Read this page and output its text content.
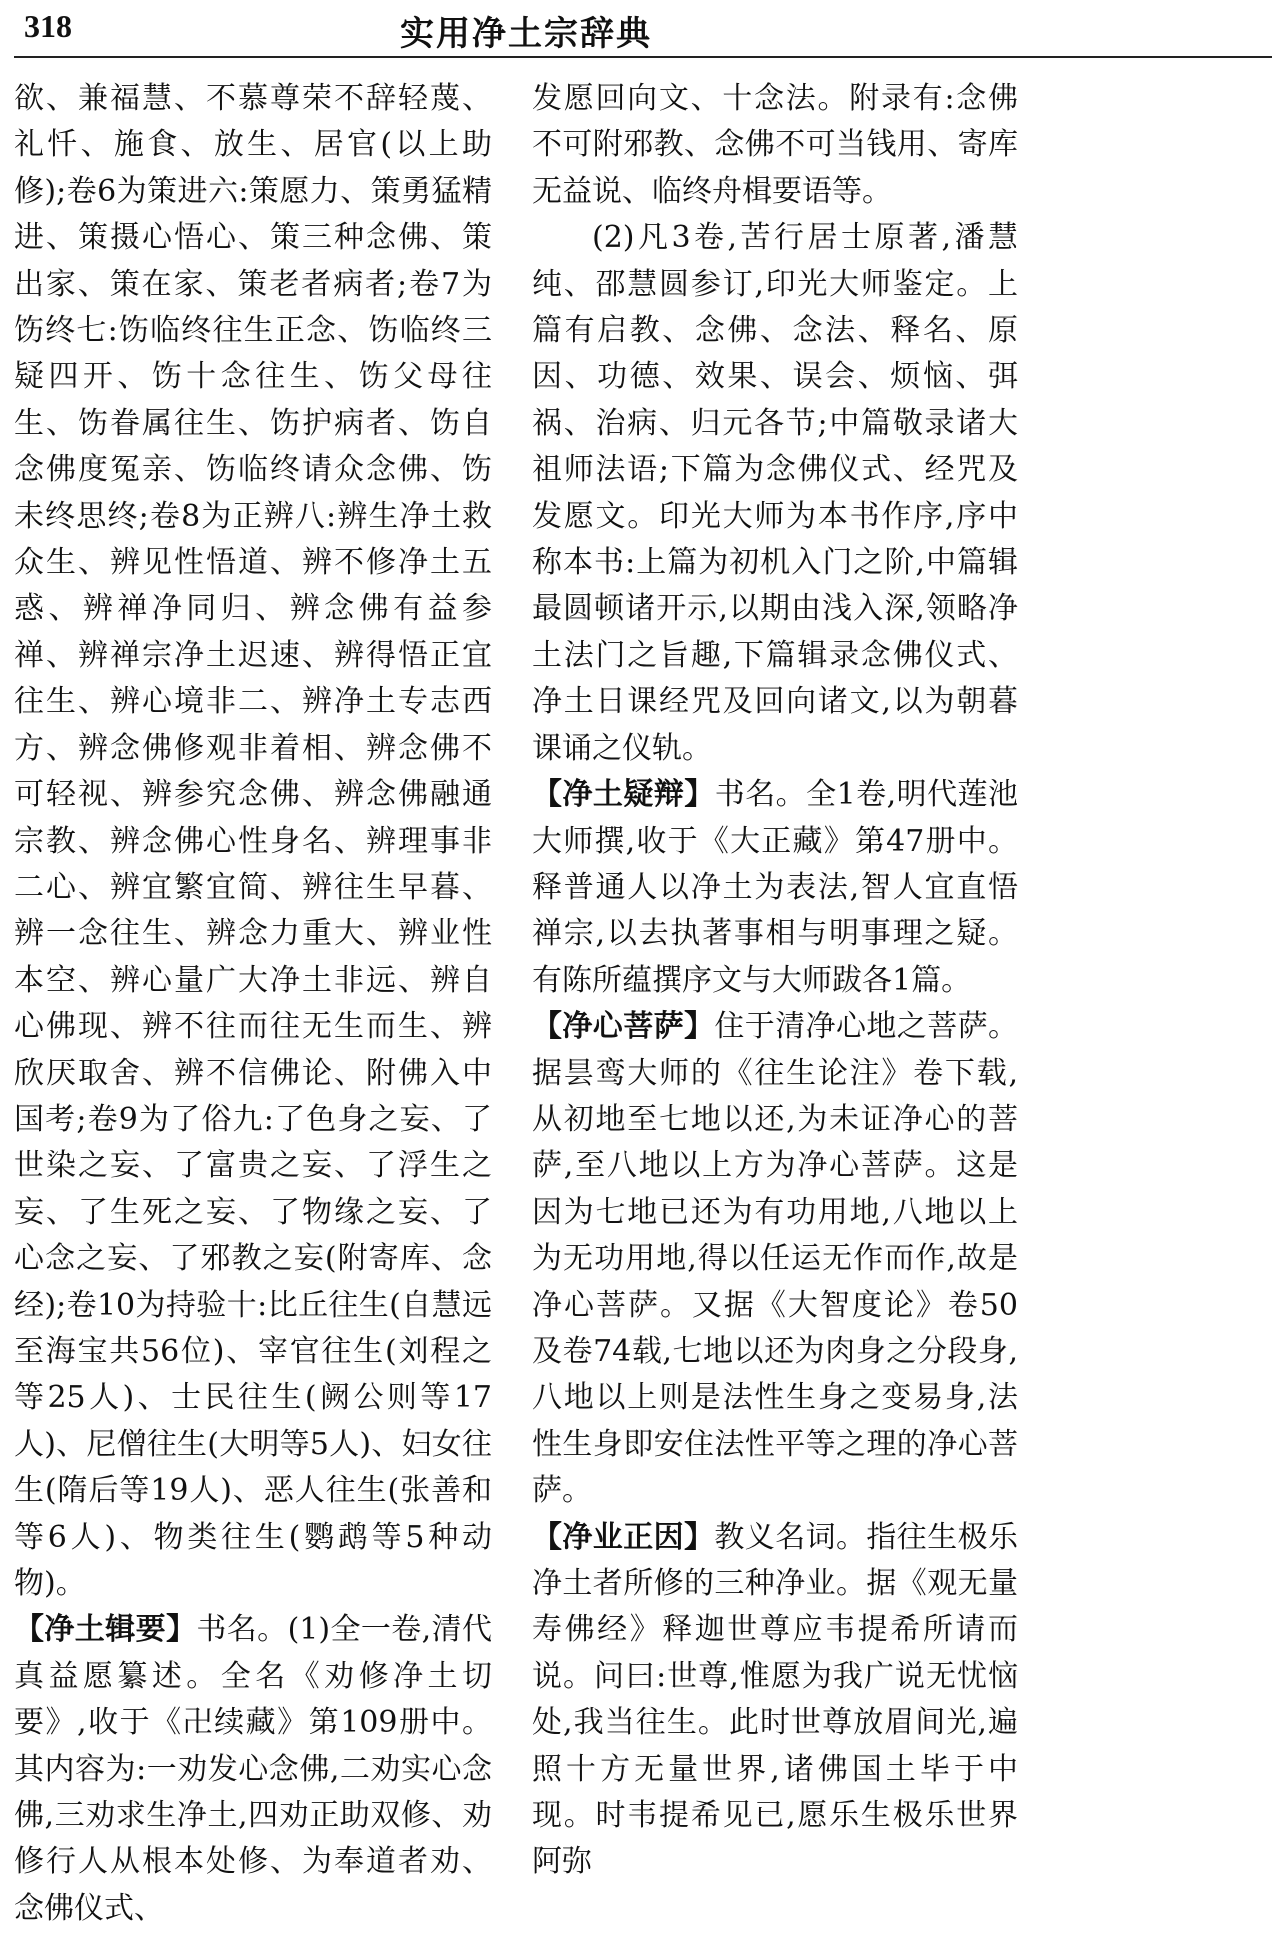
318	实用净土宗辞典

欲、兼福慧、不慕尊荣不辞轻蔑、礼忏、施食、放生、居官(以上助修);卷6为策进六:策愿力、策勇猛精进、策摄心悟心、策三种念佛、策出家、策在家、策老者病者;卷7为饬终七:饬临终往生正念、饬临终三疑四开、饬十念往生、饬父母往生、饬眷属往生、饬护病者、饬自念佛度冤亲、饬临终请众念佛、饬未终思终;卷8为正辨八:辨生净土救众生、辨见性悟道、辨不修净土五惑、辨禅净同归、辨念佛有益参禅、辨禅宗净土迟速、辨得悟正宜往生、辨心境非二、辨净土专志西方、辨念佛修观非着相、辨念佛不可轻视、辨参究念佛、辨念佛融通宗教、辨念佛心性身名、辨理事非二心、辨宜繁宜简、辨往生早暮、辨一念往生、辨念力重大、辨业性本空、辨心量广大净土非远、辨自心佛现、辨不往而往无生而生、辨欣厌取舍、辨不信佛论、附佛入中国考;卷9为了俗九:了色身之妄、了世染之妄、了富贵之妄、了浮生之妄、了生死之妄、了物缘之妄、了心念之妄、了邪教之妄(附寄库、念经);卷10为持验十:比丘往生(自慧远至海宝共56位)、宰官往生(刘程之等25人)、士民往生(阙公则等17人)、尼僧往生(大明等5人)、妇女往生(隋后等19人)、恶人往生(张善和等6人)、物类往生(鹦鹉等5种动物)。

【净土辑要】书名。(1)全一卷,清代真益愿纂述。全名《劝修净土切要》,收于《卍续藏》第109册中。其内容为:一劝发心念佛,二劝实心念佛,三劝求生净土,四劝正助双修、劝修行人从根本处修、为奉道者劝、念佛仪式、

发愿回向文、十念法。附录有:念佛不可附邪教、念佛不可当钱用、寄库无益说、临终舟楫要语等。

(2)凡3卷,苦行居士原著,潘慧纯、邵慧圆参订,印光大师鉴定。上篇有启教、念佛、念法、释名、原因、功德、效果、误会、烦恼、弭祸、治病、归元各节;中篇敬录诸大祖师法语;下篇为念佛仪式、经咒及发愿文。印光大师为本书作序,序中称本书:上篇为初机入门之阶,中篇辑最圆顿诸开示,以期由浅入深,领略净土法门之旨趣,下篇辑录念佛仪式、净土日课经咒及回向诸文,以为朝暮课诵之仪轨。

【净土疑辩】书名。全1卷,明代莲池大师撰,收于《大正藏》第47册中。释普通人以净土为表法,智人宜直悟禅宗,以去执著事相与明事理之疑。有陈所蕴撰序文与大师跋各1篇。

【净心菩萨】住于清净心地之菩萨。据昙鸾大师的《往生论注》卷下载,从初地至七地以还,为未证净心的菩萨,至八地以上方为净心菩萨。这是因为七地已还为有功用地,八地以上为无功用地,得以任运无作而作,故是净心菩萨。又据《大智度论》卷50及卷74载,七地以还为肉身之分段身,八地以上则是法性生身之变易身,法性生身即安住法性平等之理的净心菩萨。

【净业正因】教义名词。指往生极乐净土者所修的三种净业。据《观无量寿佛经》释迦世尊应韦提希所请而说。问曰:世尊,惟愿为我广说无忧恼处,我当往生。此时世尊放眉间光,遍照十方无量世界,诸佛国土毕于中现。时韦提希见已,愿乐生极乐世界阿弥
